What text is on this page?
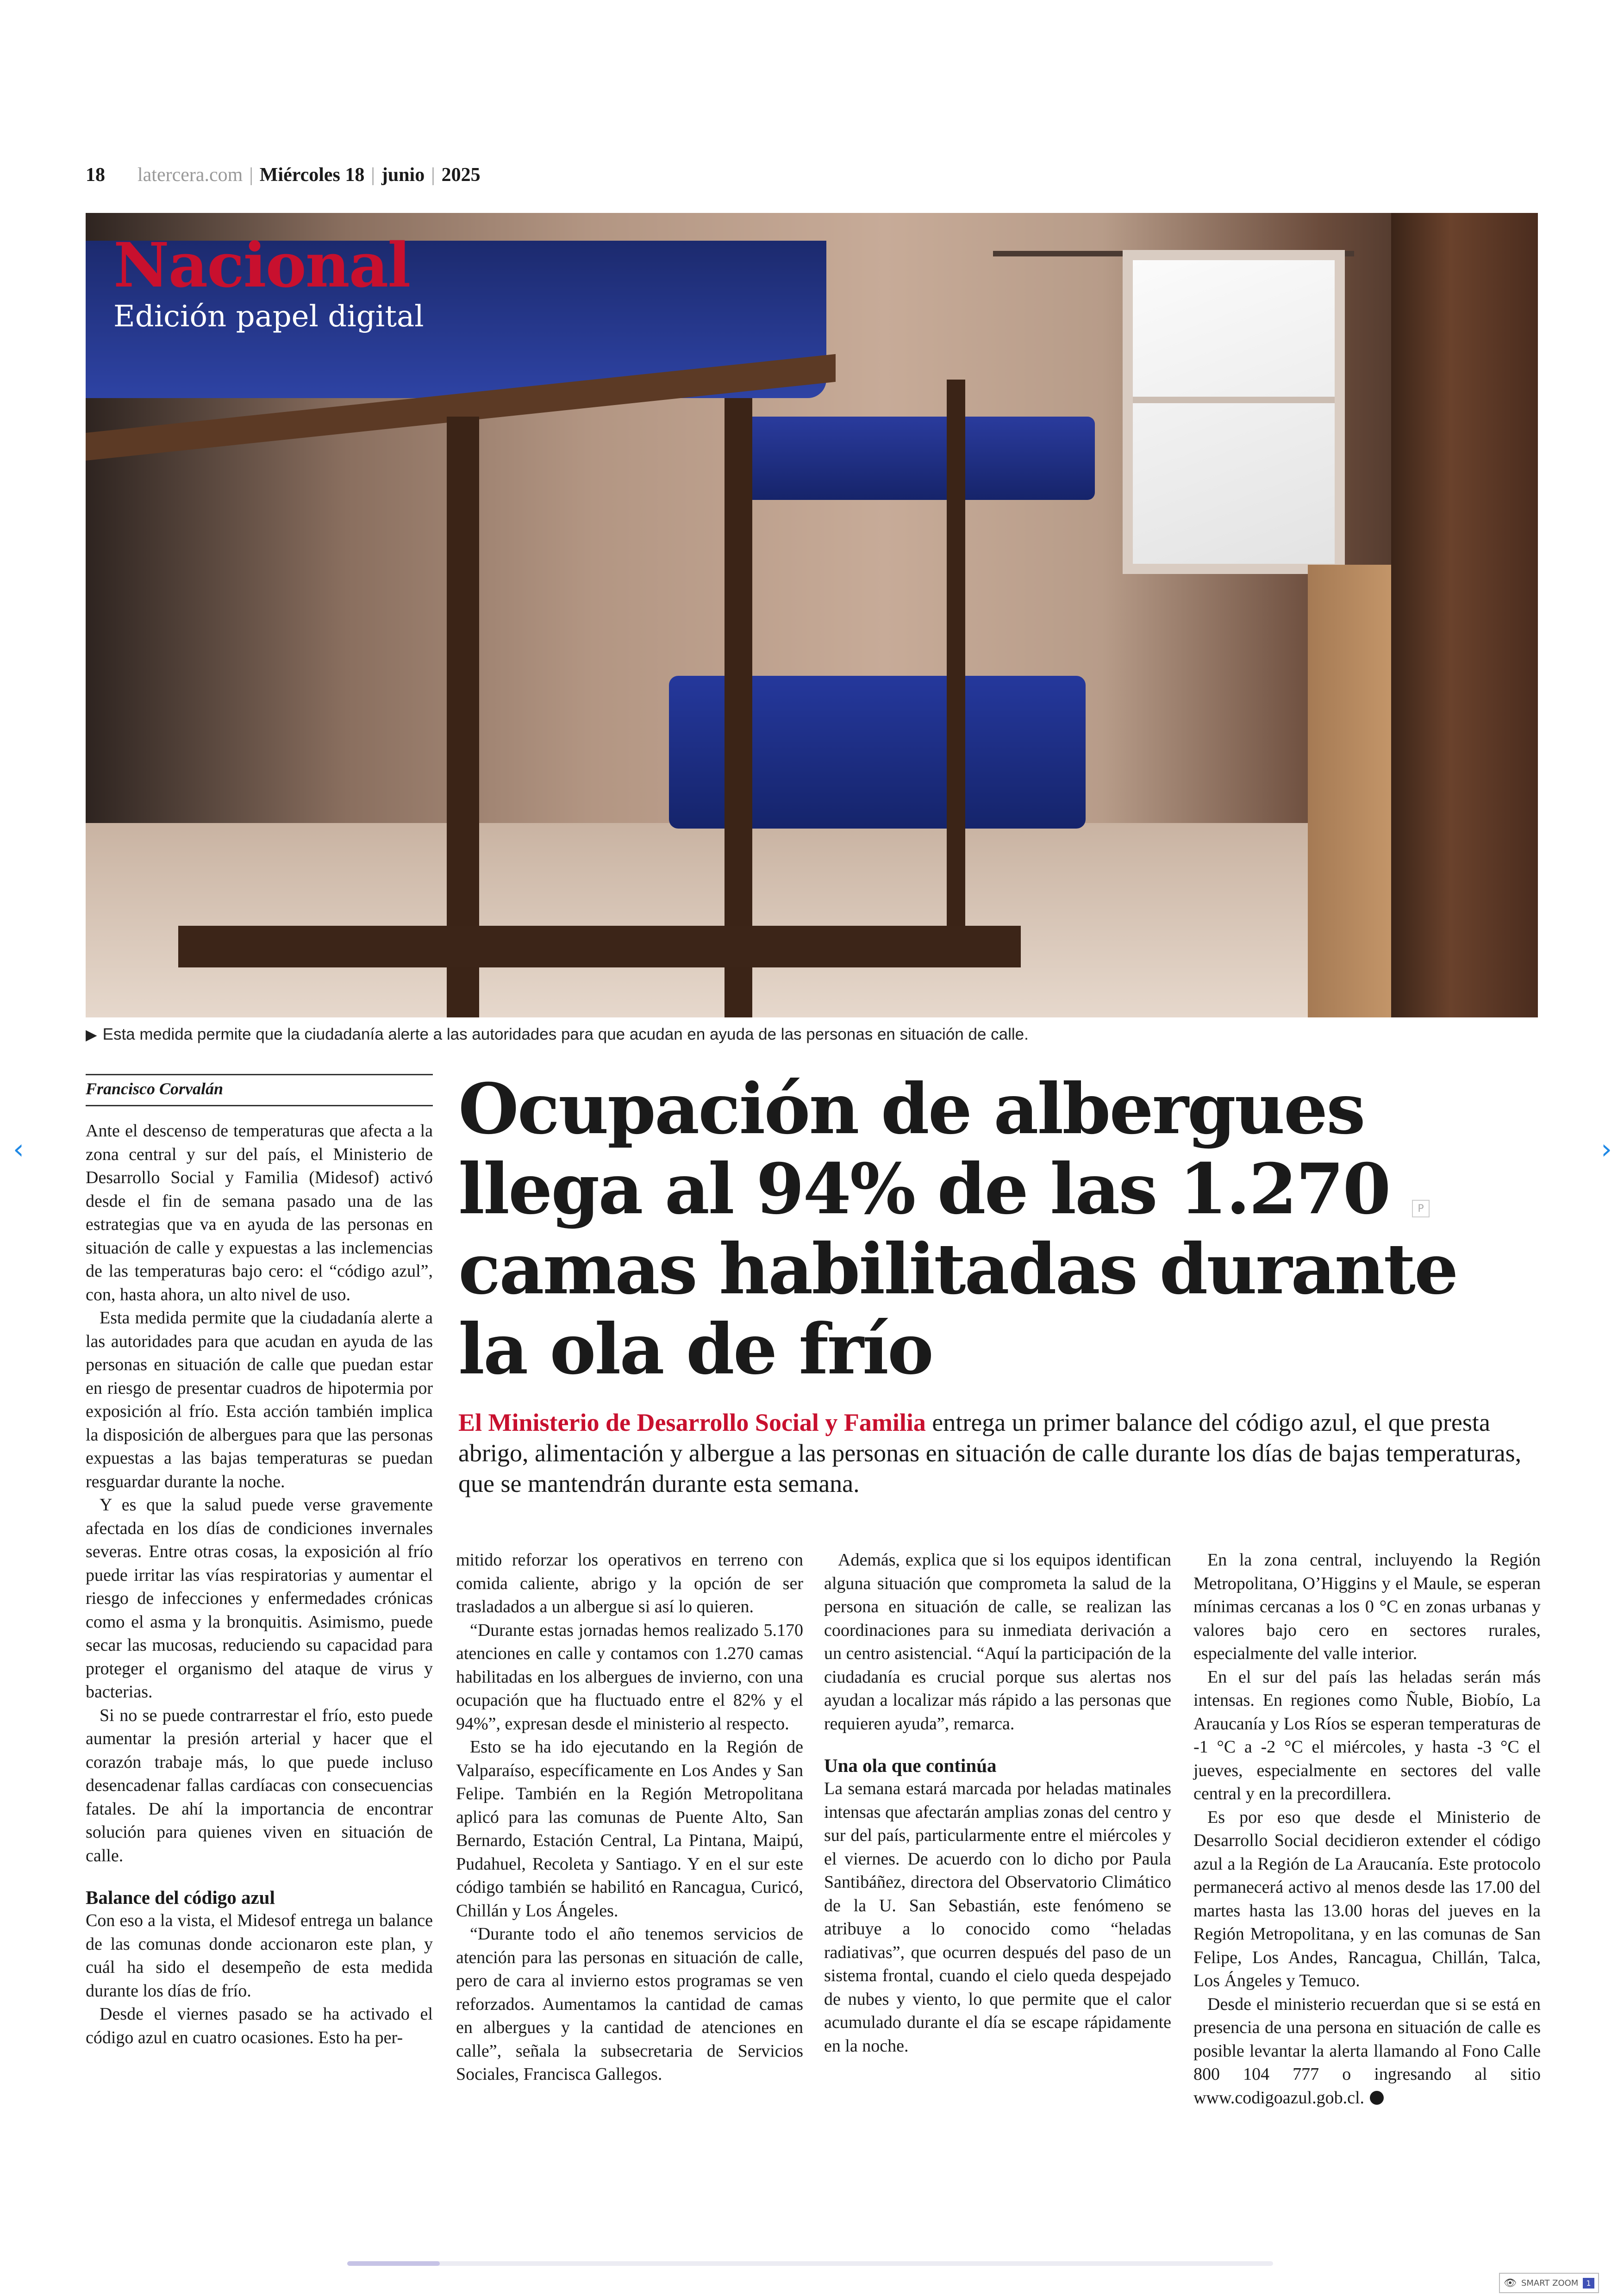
18 latercera.com | Miércoles 18 | junio | 2025
Nacional
Edición papel digital
▶ Esta medida permite que la ciudadanía alerte a las autoridades para que acudan en ayuda de las personas en situación de calle.
Francisco Corvalán	Ocupación de albergues llega al 94% de las 1.270 camas habilitadas durante la ola de frío
El Ministerio de Desarrollo Social y Familia entrega un primer balance del código azul, el que presta abrigo, alimentación y albergue a las personas en situación de calle durante los días de bajas temperaturas, que se mantendrán durante esta semana.

Ante el descenso de temperaturas que afecta a la zona central y sur del país, el Ministerio de Desarrollo Social y Familia (Midesof) activó desde el fin de semana pasado una de las estrategias que va en ayuda de las personas en situación de calle y expuestas a las inclemencias de las temperaturas bajo cero: el “código azul”, con, hasta ahora, un alto nivel de uso.

Esta medida permite que la ciudadanía alerte a las autoridades para que acudan en ayuda de las personas en situación de calle que puedan estar en riesgo de presentar cuadros de hipotermia por exposición al frío. Esta acción también implica la disposición de albergues para que las personas expuestas a las bajas temperaturas se puedan resguardar durante la noche.

Y es que la salud puede verse gravemente afectada en los días de condiciones invernales severas. Entre otras cosas, la exposición al frío puede irritar las vías respiratorias y aumentar el riesgo de infecciones y enfermedades crónicas como el asma y la bronquitis. Asimismo, puede secar las mucosas, reduciendo su capacidad para proteger el organismo del ataque de virus y bacterias.

Si no se puede contrarrestar el frío, esto puede aumentar la presión arterial y hacer que el corazón trabaje más, lo que puede incluso desencadenar fallas cardíacas con consecuencias fatales. De ahí la importancia de encontrar solución para quienes viven en situación de calle.

Balance del código azul

Con eso a la vista, el Midesof entrega un balance de las comunas donde accionaron este plan, y cuál ha sido el desempeño de esta medida durante los días de frío.

Desde el viernes pasado se ha activado el código azul en cuatro ocasiones. Esto ha per-

mitido reforzar los operativos en terreno con comida caliente, abrigo y la opción de ser trasladados a un albergue si así lo quieren.

“Durante estas jornadas hemos realizado 5.170 atenciones en calle y contamos con 1.270 camas habilitadas en los albergues de invierno, con una ocupación que ha fluctuado entre el 82% y el 94%”, expresan desde el ministerio al respecto.

Esto se ha ido ejecutando en la Región de Valparaíso, específicamente en Los Andes y San Felipe. También en la Región Metropolitana aplicó para las comunas de Puente Alto, San Bernardo, Estación Central, La Pintana, Maipú, Pudahuel, Recoleta y Santiago. Y en el sur este código también se habilitó en Rancagua, Curicó, Chillán y Los Ángeles.

“Durante todo el año tenemos servicios de atención para las personas en situación de calle, pero de cara al invierno estos programas se ven reforzados. Aumentamos la cantidad de camas en albergues y la cantidad de atenciones en calle”, señala la subsecretaria de Servicios Sociales, Francisca Gallegos.

Además, explica que si los equipos identifican alguna situación que comprometa la salud de la persona en situación de calle, se realizan las coordinaciones para su inmediata derivación a un centro asistencial. “Aquí la participación de la ciudadanía es crucial porque sus alertas nos ayudan a localizar más rápido a las personas que requieren ayuda”, remarca.

Una ola que continúa

La semana estará marcada por heladas matinales intensas que afectarán amplias zonas del centro y sur del país, particularmente entre el miércoles y el viernes. De acuerdo con lo dicho por Paula Santibáñez, directora del Observatorio Climático de la U. San Sebastián, este fenómeno se atribuye a lo conocido como “heladas radiativas”, que ocurren después del paso de un sistema frontal, cuando el cielo queda despejado de nubes y viento, lo que permite que el calor acumulado durante el día se escape rápidamente en la noche.

En la zona central, incluyendo la Región Metropolitana, O’Higgins y el Maule, se esperan mínimas cercanas a los 0 °C en zonas urbanas y valores bajo cero en sectores rurales, especialmente del valle interior.

En el sur del país las heladas serán más intensas. En regiones como Ñuble, Biobío, La Araucanía y Los Ríos se esperan temperaturas de -1 °C a -2 °C el miércoles, y hasta -3 °C el jueves, especialmente en sectores del valle central y en la precordillera.

Es por eso que desde el Ministerio de Desarrollo Social decidieron extender el código azul a la Región de La Araucanía. Este protocolo permanecerá activo al menos desde las 17.00 del martes hasta las 13.00 horas del jueves en la Región Metropolitana, y en las comunas de San Felipe, Los Andes, Rancagua, Chillán, Talca, Los Ángeles y Temuco.

Desde el ministerio recuerdan que si se está en presencia de una persona en situación de calle es posible levantar la alerta llamando al Fono Calle 800 104 777 o ingresando al sitio www.codigoazul.gob.cl.

‹	›
P
👁 SMART ZOOM	1
